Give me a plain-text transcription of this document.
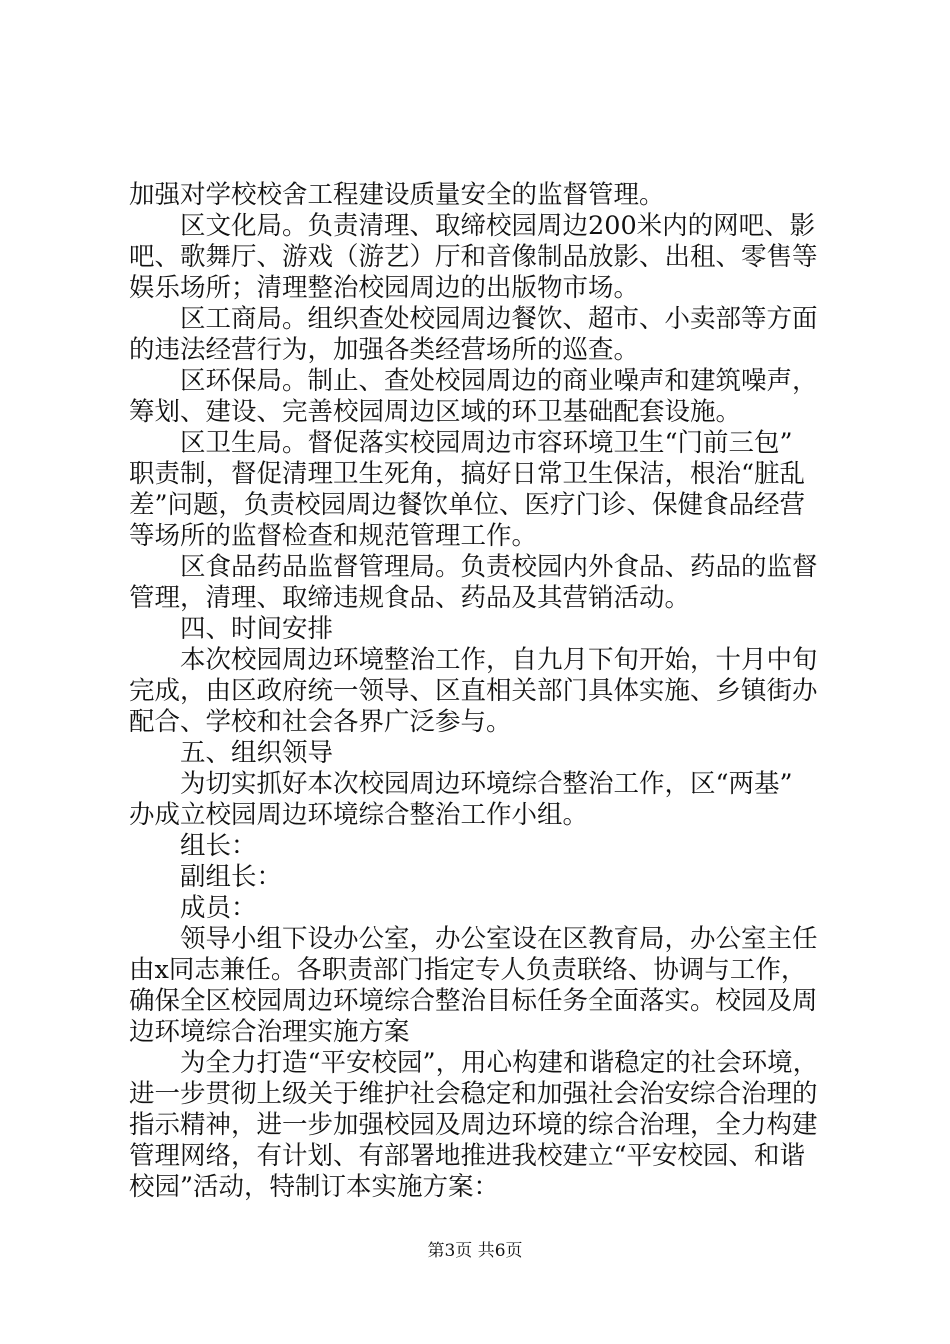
加强对学校校舍工程建设质量安全的监督管理。
区文化局。负责清理、取缔校园周边200米内的网吧、影
吧、歌舞厅、游戏（游艺）厅和音像制品放影、出租、零售等
娱乐场所；清理整治校园周边的出版物市场。
区工商局。组织查处校园周边餐饮、超市、小卖部等方面
的违法经营行为，加强各类经营场所的巡查。
区环保局。制止、查处校园周边的商业噪声和建筑噪声，
筹划、建设、完善校园周边区域的环卫基础配套设施。
区卫生局。督促落实校园周边市容环境卫生“门前三包”
职责制，督促清理卫生死角，搞好日常卫生保洁，根治“脏乱
差”问题，负责校园周边餐饮单位、医疗门诊、保健食品经营
等场所的监督检查和规范管理工作。
区食品药品监督管理局。负责校园内外食品、药品的监督
管理，清理、取缔违规食品、药品及其营销活动。
四、时间安排
本次校园周边环境整治工作，自九月下旬开始，十月中旬
完成，由区政府统一领导、区直相关部门具体实施、乡镇街办
配合、学校和社会各界广泛参与。
五、组织领导
为切实抓好本次校园周边环境综合整治工作，区“两基”
办成立校园周边环境综合整治工作小组。
组长：
副组长：
成员：
领导小组下设办公室，办公室设在区教育局，办公室主任
由x同志兼任。各职责部门指定专人负责联络、协调与工作，
确保全区校园周边环境综合整治目标任务全面落实。校园及周
边环境综合治理实施方案
为全力打造“平安校园”，用心构建和谐稳定的社会环境，
进一步贯彻上级关于维护社会稳定和加强社会治安综合治理的
指示精神，进一步加强校园及周边环境的综合治理，全力构建
管理网络，有计划、有部署地推进我校建立“平安校园、和谐
校园”活动，特制订本实施方案：
第3页 共6页
